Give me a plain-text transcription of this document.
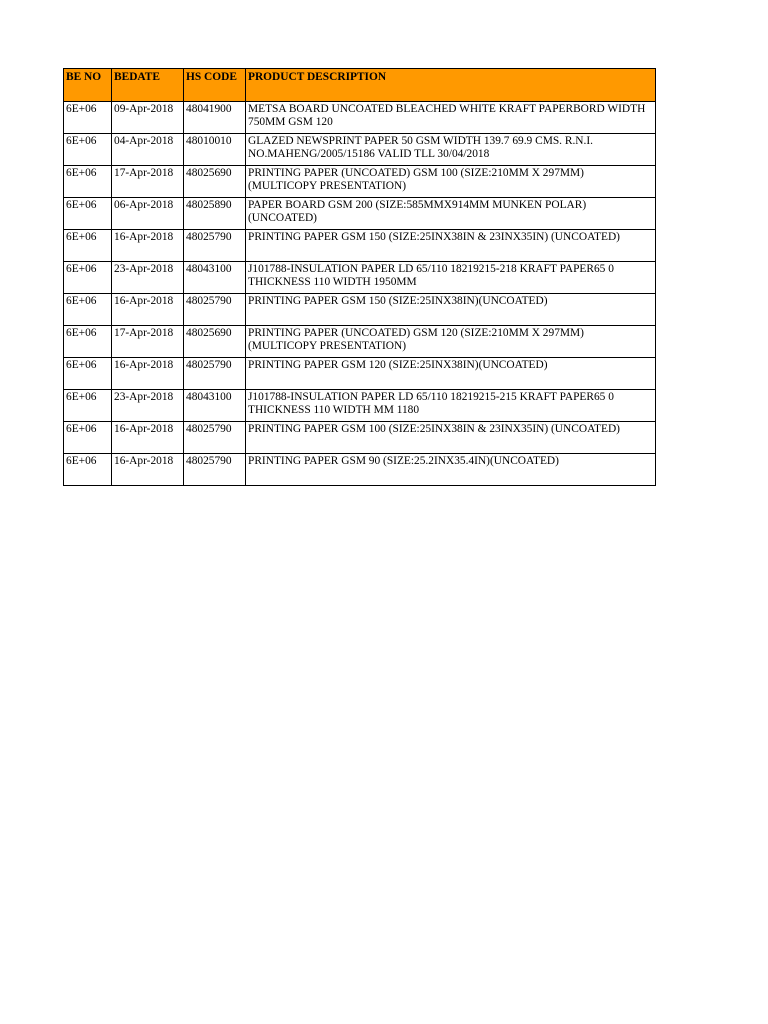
BE NO	BEDATE	HS CODE	PRODUCT DESCRIPTION
6E+06	09-Apr-2018	48041900	METSA BOARD UNCOATED BLEACHED WHITE KRAFT PAPERBORD WIDTH 750MM GSM 120
6E+06	04-Apr-2018	48010010	GLAZED NEWSPRINT PAPER 50 GSM WIDTH 139.7 69.9 CMS. R.N.I. NO.MAHENG/2005/15186 VALID TLL 30/04/2018
6E+06	17-Apr-2018	48025690	PRINTING PAPER (UNCOATED) GSM 100 (SIZE:210MM X 297MM) (MULTICOPY PRESENTATION)
6E+06	06-Apr-2018	48025890	PAPER BOARD GSM 200 (SIZE:585MMX914MM MUNKEN POLAR) (UNCOATED)
6E+06	16-Apr-2018	48025790	PRINTING PAPER GSM 150 (SIZE:25INX38IN & 23INX35IN) (UNCOATED)
6E+06	23-Apr-2018	48043100	J101788-INSULATION PAPER LD 65/110 18219215-218 KRAFT PAPER65 0 THICKNESS 110 WIDTH 1950MM
6E+06	16-Apr-2018	48025790	PRINTING PAPER GSM 150 (SIZE:25INX38IN)(UNCOATED)
6E+06	17-Apr-2018	48025690	PRINTING PAPER (UNCOATED) GSM 120 (SIZE:210MM X 297MM) (MULTICOPY PRESENTATION)
6E+06	16-Apr-2018	48025790	PRINTING PAPER GSM 120 (SIZE:25INX38IN)(UNCOATED)
6E+06	23-Apr-2018	48043100	J101788-INSULATION PAPER LD 65/110 18219215-215 KRAFT PAPER65 0 THICKNESS 110 WIDTH MM 1180
6E+06	16-Apr-2018	48025790	PRINTING PAPER GSM 100 (SIZE:25INX38IN & 23INX35IN) (UNCOATED)
6E+06	16-Apr-2018	48025790	PRINTING PAPER GSM 90 (SIZE:25.2INX35.4IN)(UNCOATED)
